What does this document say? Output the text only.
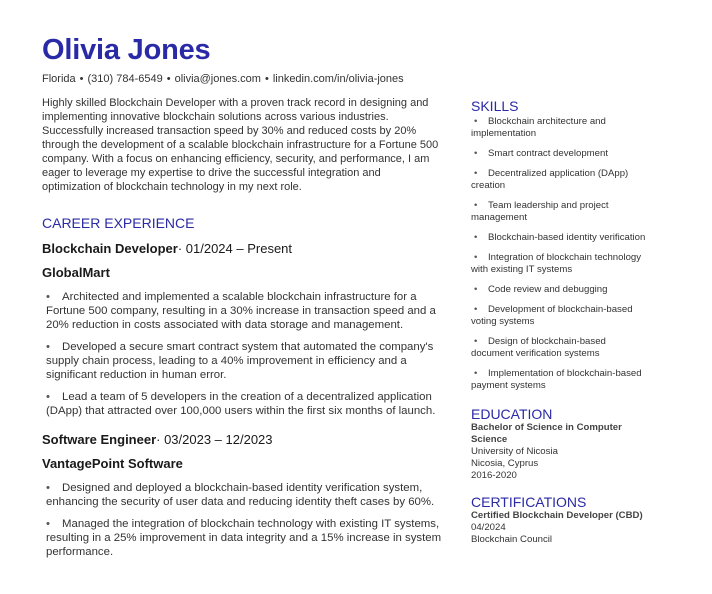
Olivia Jones
Florida • (310) 784-6549 • olivia@jones.com • linkedin.com/in/olivia-jones

Highly skilled Blockchain Developer with a proven track record in designing and implementing innovative blockchain solutions across various industries. Successfully increased transaction speed by 30% and reduced costs by 20% through the development of a scalable blockchain infrastructure for a Fortune 500 company. With a focus on enhancing efficiency, security, and performance, I am eager to leverage my expertise to drive the successful integration and optimization of blockchain technology in my next role.

CAREER EXPERIENCE
Blockchain Developer· 01/2024 – Present
GlobalMart
• Architected and implemented a scalable blockchain infrastructure for a Fortune 500 company, resulting in a 30% increase in transaction speed and a 20% reduction in costs associated with data storage and management.
• Developed a secure smart contract system that automated the company's supply chain process, leading to a 40% improvement in efficiency and a significant reduction in human error.
• Lead a team of 5 developers in the creation of a decentralized application (DApp) that attracted over 100,000 users within the first six months of launch.
Software Engineer· 03/2023 – 12/2023
VantagePoint Software
• Designed and deployed a blockchain-based identity verification system, enhancing the security of user data and reducing identity theft cases by 60%.
• Managed the integration of blockchain technology with existing IT systems, resulting in a 25% improvement in data integrity and a 15% increase in system performance.
SKILLS
• Blockchain architecture and implementation
• Smart contract development
• Decentralized application (DApp) creation
• Team leadership and project management
• Blockchain-based identity verification
• Integration of blockchain technology with existing IT systems
• Code review and debugging
• Development of blockchain-based voting systems
• Design of blockchain-based document verification systems
• Implementation of blockchain-based payment systems
EDUCATION
Bachelor of Science in Computer Science
University of Nicosia
Nicosia, Cyprus
2016-2020
CERTIFICATIONS
Certified Blockchain Developer (CBD)
04/2024
Blockchain Council
